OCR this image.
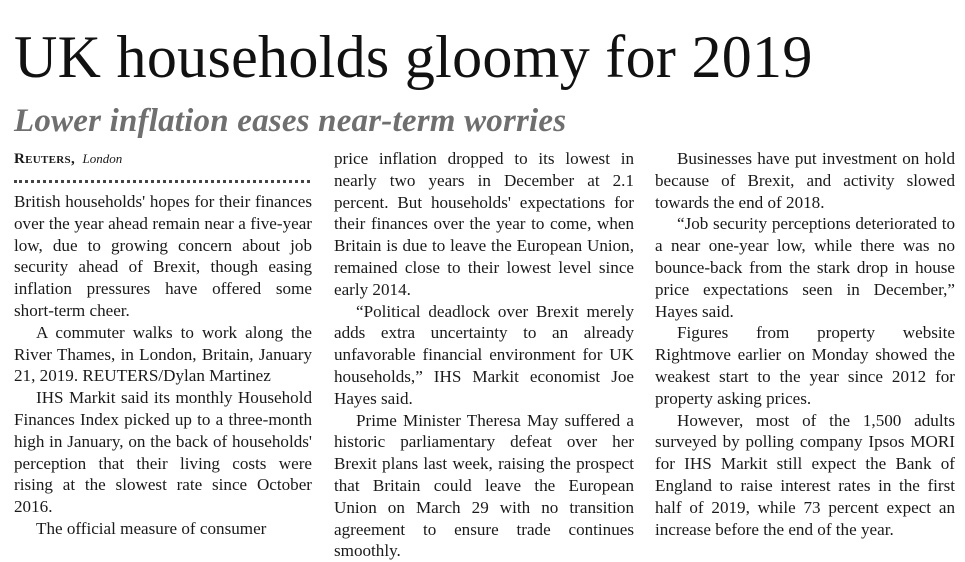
UK households gloomy for 2019
Lower inflation eases near-term worries
Reuters, London

British households' hopes for their finances over the year ahead remain near a five-year low, due to growing concern about job security ahead of Brexit, though easing inflation pressures have offered some short-term cheer.

A commuter walks to work along the River Thames, in London, Britain, January 21, 2019. REUTERS/Dylan Martinez

IHS Markit said its monthly Household Finances Index picked up to a three-month high in January, on the back of households' perception that their living costs were rising at the slowest rate since October 2016.

The official measure of consumer

price inflation dropped to its lowest in nearly two years in December at 2.1 percent. But households' expectations for their finances over the year to come, when Britain is due to leave the European Union, remained close to their lowest level since early 2014.

“Political deadlock over Brexit merely adds extra uncertainty to an already unfavorable financial environment for UK households,” IHS Markit economist Joe Hayes said.

Prime Minister Theresa May suffered a historic parliamentary defeat over her Brexit plans last week, raising the prospect that Britain could leave the European Union on March 29 with no transition agreement to ensure trade continues smoothly.

Businesses have put investment on hold because of Brexit, and activity slowed towards the end of 2018.

“Job security perceptions deteriorated to a near one-year low, while there was no bounce-back from the stark drop in house price expectations seen in December,” Hayes said.

Figures from property website Rightmove earlier on Monday showed the weakest start to the year since 2012 for property asking prices.

However, most of the 1,500 adults surveyed by polling company Ipsos MORI for IHS Markit still expect the Bank of England to raise interest rates in the first half of 2019, while 73 percent expect an increase before the end of the year.
